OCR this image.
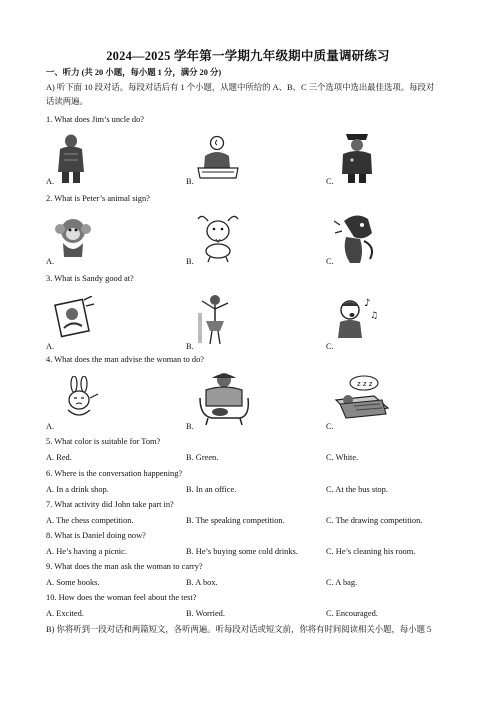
2024—2025 学年第一学期九年级期中质量调研练习
一、听力 (共 20 小题，每小题 1 分，满分 20 分)
A) 听下面 10 段对话。每段对话后有 1 个小题，从题中所给的 A、B、C 三个选项中选出最佳选项。每段对
话读两遍。
1. What does Jim’s uncle do?
A.	B.	C.
2. What is Peter’s animal sign?
A.	B.	C.
3. What is Sandy good at?
A.	B.
♪
♫
C.
4. What does the man advise the woman to do?
A.	B.
z z z
C.
5. What color is suitable for Tom?
A. Red.	B. Green.	C. White.
6. Where is the conversation happening?
A. In a drink shop.	B. In an office.	C. At the bus stop.
7. What activity did John take part in?
A. The chess competition.	B. The speaking competition.	C. The drawing competition.
8. What is Daniel doing now?
A. He’s having a picnic.	B. He’s buying some cold drinks.	C. He’s cleaning his room.
9. What does the man ask the woman to carry?
A. Some books.	B. A box.	C. A bag.
10. How does the woman feel about the test?
A. Excited.	B. Worried.	C. Encouraged.
B) 你将听到一段对话和两篇短文，各听两遍。听每段对话或短文前，你将有时间阅读相关小题，每小题 5
